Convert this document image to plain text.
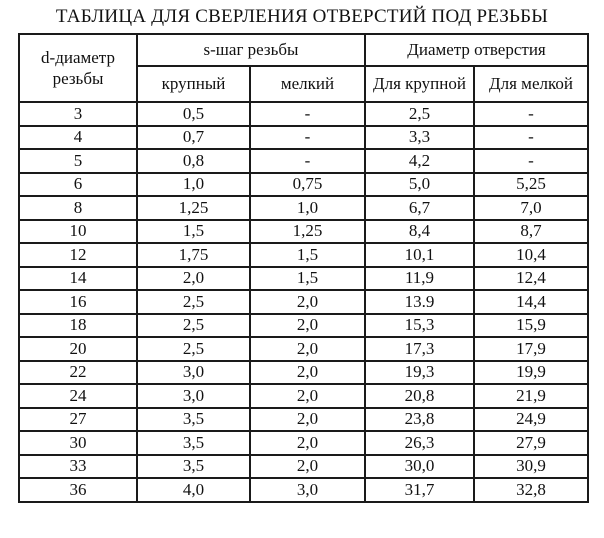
ТАБЛИЦА ДЛЯ СВЕРЛЕНИЯ ОТВЕРСТИЙ ПОД РЕЗЬБЫ
d-диаметр
резьбы	s-шаг резьбы		Диаметр отверстия	
	крупный	мелкий	Для крупной	Для мелкой
3	0,5	-	2,5	-
4	0,7	-	3,3	-
5	0,8	-	4,2	-
6	1,0	0,75	5,0	5,25
8	1,25	1,0	6,7	7,0
10	1,5	1,25	8,4	8,7
12	1,75	1,5	10,1	10,4
14	2,0	1,5	11,9	12,4
16	2,5	2,0	13.9	14,4
18	2,5	2,0	15,3	15,9
20	2,5	2,0	17,3	17,9
22	3,0	2,0	19,3	19,9
24	3,0	2,0	20,8	21,9
27	3,5	2,0	23,8	24,9
30	3,5	2,0	26,3	27,9
33	3,5	2,0	30,0	30,9
36	4,0	3,0	31,7	32,8
